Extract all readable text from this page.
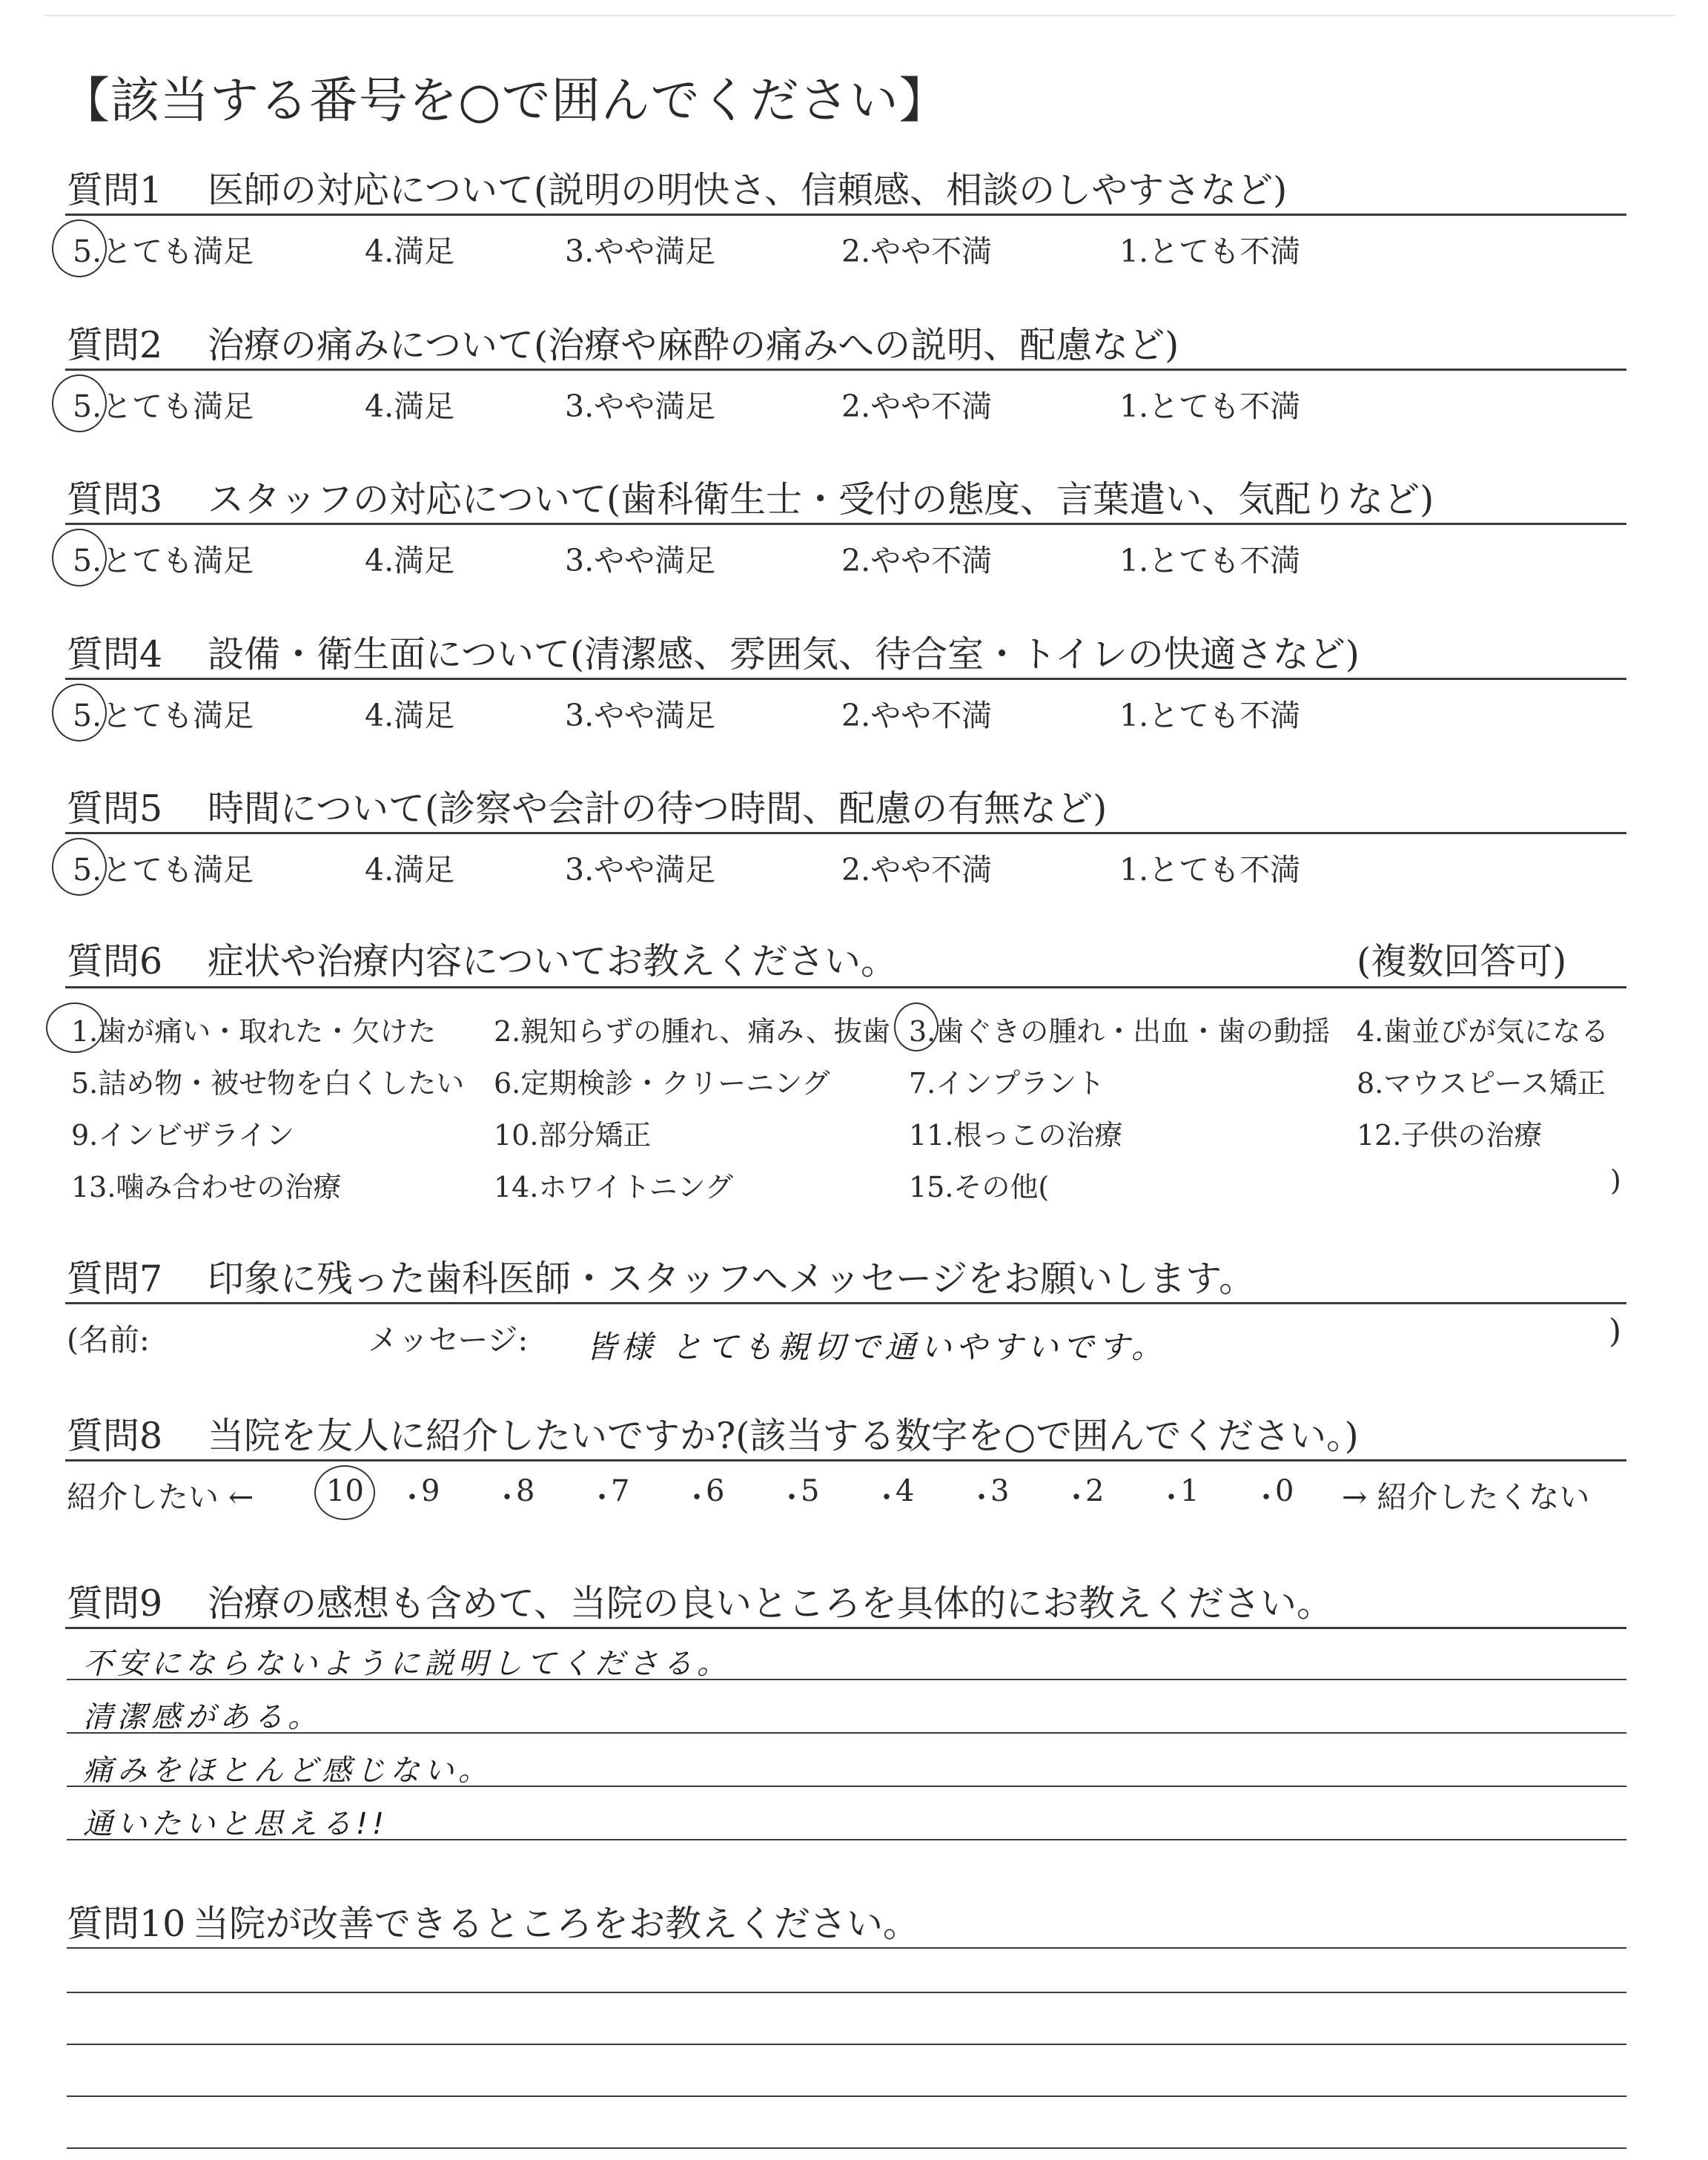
【該当する番号を○で囲んでください】
質問1 医師の対応について(説明の明快さ、信頼感、相談のしやすさなど)
5.とても満足	4.満足	3.やや満足	2.やや不満	1.とても不満
質問2 治療の痛みについて(治療や麻酔の痛みへの説明、配慮など)
5.とても満足	4.満足	3.やや満足	2.やや不満	1.とても不満
質問3 スタッフの対応について(歯科衛生士・受付の態度、言葉遣い、気配りなど)
5.とても満足	4.満足	3.やや満足	2.やや不満	1.とても不満
質問4 設備・衛生面について(清潔感、雰囲気、待合室・トイレの快適さなど)
5.とても満足	4.満足	3.やや満足	2.やや不満	1.とても不満
質問5 時間について(診察や会計の待つ時間、配慮の有無など)
5.とても満足	4.満足	3.やや満足	2.やや不満	1.とても不満
質問6 症状や治療内容についてお教えください。	(複数回答可)
1.歯が痛い・取れた・欠けた 2.親知らずの腫れ、痛み、抜歯 3.歯ぐきの腫れ・出血・歯の動揺 4.歯並びが気になる
5.詰め物・被せ物を白くしたい 6.定期検診・クリーニング	7.インプラント	8.マウスピース矯正
9.インビザライン	10.部分矯正	11.根っこの治療	12.子供の治療
13.噛み合わせの治療	14.ホワイトニング	15.その他(	)
質問7 印象に残った歯科医師・スタッフへメッセージをお願いします。
(名前:	メッセージ: 皆様 とても親切で通いやすいです。	)
質問8 当院を友人に紹介したいですか?(該当する数字を○で囲んでください。)
紹介したい ←	→ 紹介したくない
10 ・
9 ・
8 ・
7 ・
6 ・
5 ・
4 ・
3 ・
2 ・
1 ・
0
質問9 治療の感想も含めて、当院の良いところを具体的にお教えください。
不安にならないように説明してくださる。
清潔感がある。
痛みをほとんど感じない。
通いたいと思える!!
質問10 当院が改善できるところをお教えください。
